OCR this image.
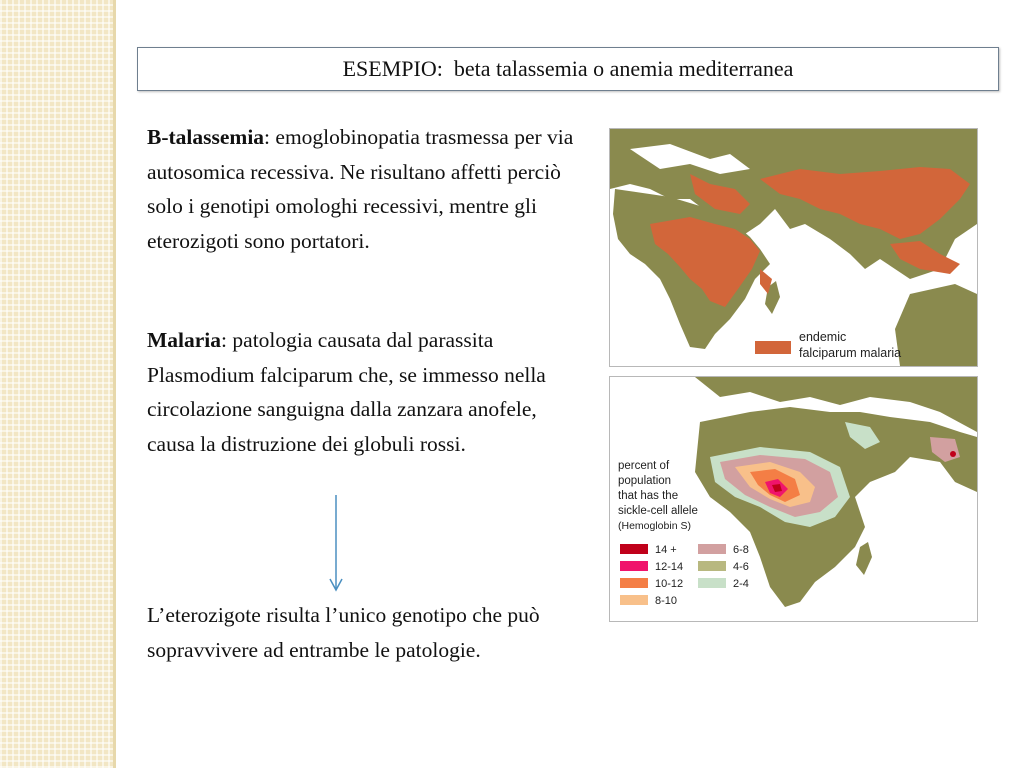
ESEMPIO:  beta talassemia o anemia mediterranea
B-talassemia: emoglobinopatia trasmessa per via autosomica recessiva. Ne risultano affetti perciò solo i genotipi omologhi recessivi, mentre gli eterozigoti sono portatori.
Malaria: patologia causata dal parassita Plasmodium falciparum che, se immesso nella circolazione sanguigna dalla zanzara anofele, causa la distruzione dei globuli rossi.
L’eterozigote risulta l’unico genotipo che può sopravvivere ad entrambe le patologie.
endemic
falciparum malaria
percent of
population
that has the
sickle-cell allele
(Hemoglobin S)
14 +
12-14
10-12
8-10
6-8
4-6
2-4
